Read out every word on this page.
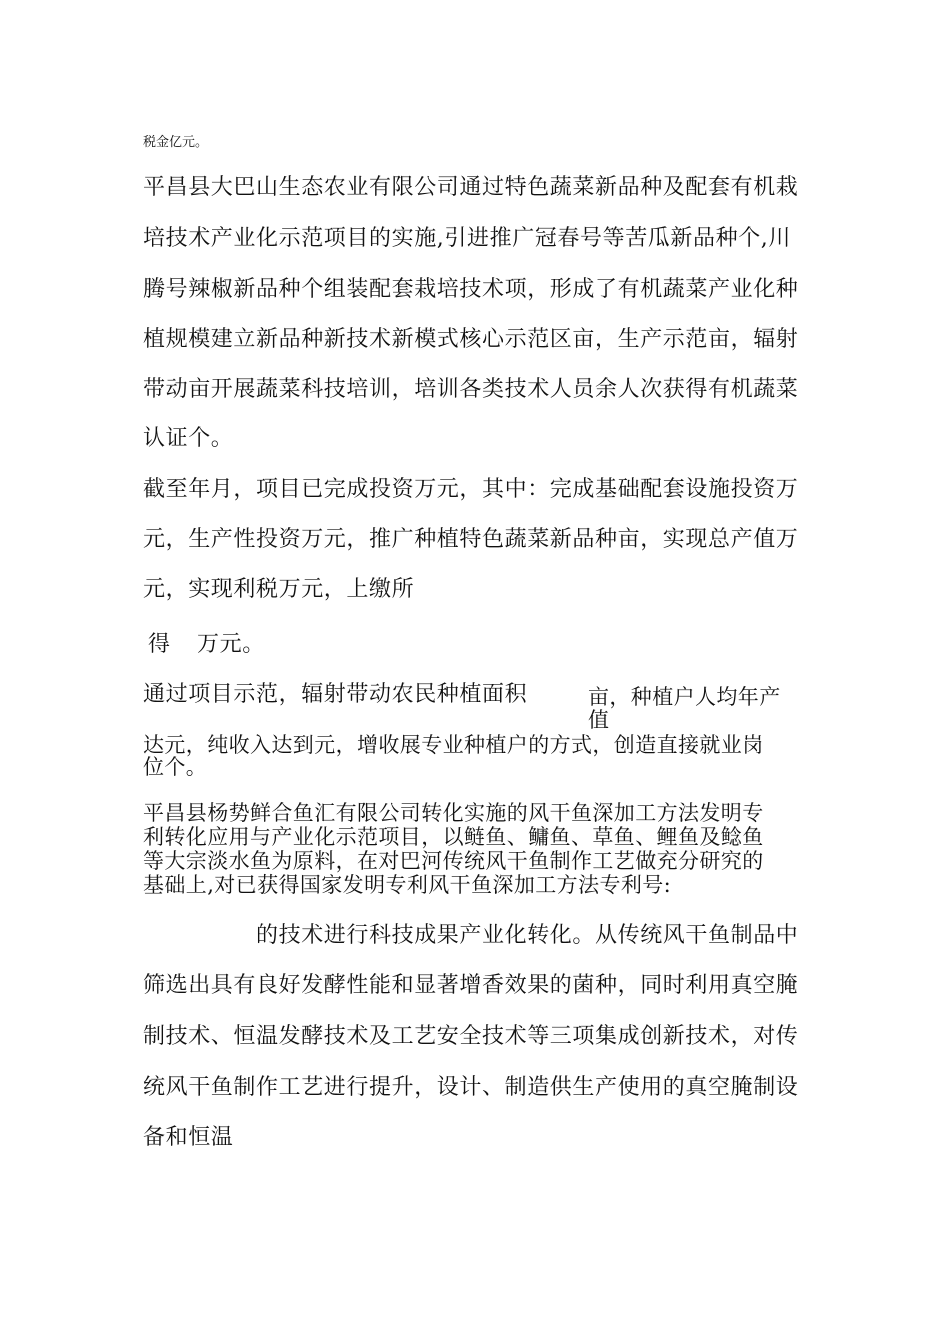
税金亿元。
平昌县大巴山生态农业有限公司通过特色蔬菜新品种及配套有机栽
培技术产业化示范项目的实施,引进推广冠春号等苦瓜新品种个,川
腾号辣椒新品种个组装配套栽培技术项，形成了有机蔬菜产业化种
植规模建立新品种新技术新模式核心示范区亩，生产示范亩，辐射
带动亩开展蔬菜科技培训，培训各类技术人员余人次获得有机蔬菜
认证个。
截至年月，项目已完成投资万元，其中：完成基础配套设施投资万
元，生产性投资万元，推广种植特色蔬菜新品种亩，实现总产值万
元，实现利税万元，上缴所
得 万元。
通过项目示范，辐射带动农民种植面积	亩，种植户人均年产
值
达元，纯收入达到元，增收展专业种植户的方式，创造直接就业岗
位个。
平昌县杨势鲜合鱼汇有限公司转化实施的风干鱼深加工方法发明专
利转化应用与产业化示范项目，以鲢鱼、鳙鱼、草鱼、鲤鱼及鲶鱼
等大宗淡水鱼为原料，在对巴河传统风干鱼制作工艺做充分研究的
基础上,对已获得国家发明专利风干鱼深加工方法专利号:
的技术进行科技成果产业化转化。从传统风干鱼制品中
筛选出具有良好发酵性能和显著增香效果的菌种，同时利用真空腌
制技术、恒温发酵技术及工艺安全技术等三项集成创新技术，对传
统风干鱼制作工艺进行提升，设计、制造供生产使用的真空腌制设
备和恒温
